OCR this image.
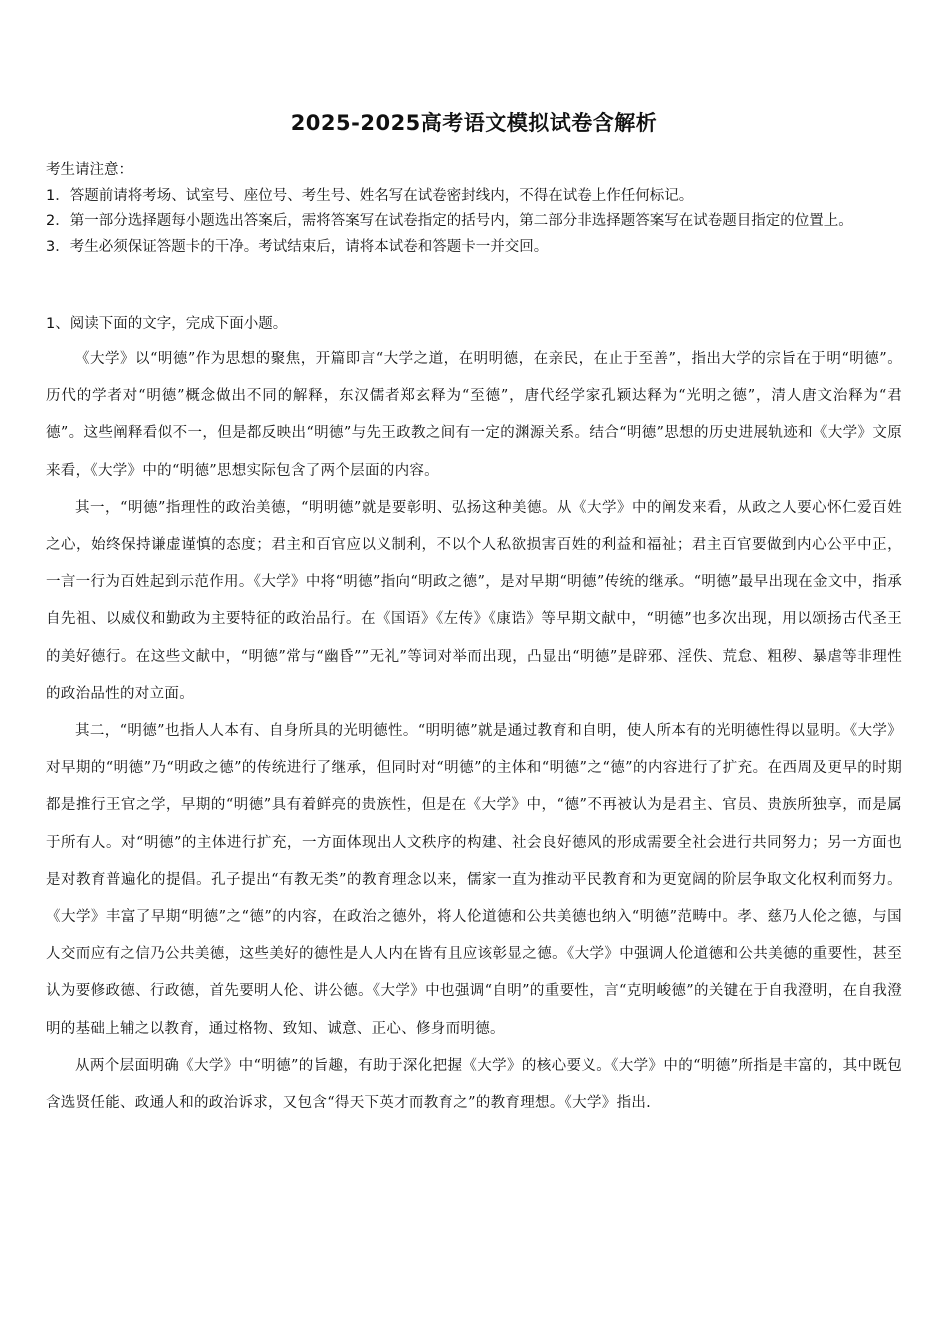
2025-2025高考语文模拟试卷含解析

考生请注意：

1．答题前请将考场、试室号、座位号、考生号、姓名写在试卷密封线内，不得在试卷上作任何标记。

2．第一部分选择题每小题选出答案后，需将答案写在试卷指定的括号内，第二部分非选择题答案写在试卷题目指定的位置上。

3．考生必须保证答题卡的干净。考试结束后，请将本试卷和答题卡一并交回。

1、阅读下面的文字，完成下面小题。

《大学》以“明德”作为思想的聚焦，开篇即言“大学之道，在明明德，在亲民，在止于至善”，指出大学的宗旨在于明“明德”。 历代的学者对“明德”概念做出不同的解释，东汉儒者郑玄释为“至德”，唐代经学家孔颖达释为“光明之德”，清人唐文治释为“君德”。这些阐释看似不一，但是都反映出“明德”与先王政教之间有一定的渊源关系。结合“明德”思想的历史进展轨迹和《大学》文原来看，《大学》中的“明德”思想实际包含了两个层面的内容。

其一，“明德”指理性的政治美德，“明明德”就是要彰明、弘扬这种美德。从《大学》中的阐发来看，从政之人要心怀仁爱百姓之心，始终保持谦虚谨慎的态度；君主和百官应以义制利，不以个人私欲损害百姓的利益和福祉；君主百官要做到内心公平中正，一言一行为百姓起到示范作用。《大学》中将“明德”指向“明政之德”，是对早期“明德”传统的继承。“明德”最早出现在金文中，指承自先祖、以威仪和勤政为主要特征的政治品行。在《国语》《左传》《康诰》等早期文献中，“明德”也多次出现，用以颂扬古代圣王的美好德行。在这些文献中，“明德”常与“幽昏””无礼”等词对举而出现，凸显出“明德”是辟邪、淫佚、荒怠、粗秽、暴虐等非理性的政治品性的对立面。

其二，“明德”也指人人本有、自身所具的光明德性。“明明德”就是通过教育和自明，使人所本有的光明德性得以显明。《大学》对早期的“明德”乃“明政之德”的传统进行了继承，但同时对“明德”的主体和“明德”之“德”的内容进行了扩充。在西周及更早的时期都是推行王官之学，早期的“明德”具有着鲜亮的贵族性，但是在《大学》中，“德”不再被认为是君主、官员、贵族所独享，而是属于所有人。对“明德”的主体进行扩充，一方面体现出人文秩序的构建、社会良好德风的形成需要全社会进行共同努力；另一方面也是对教育普遍化的提倡。孔子提出“有教无类”的教育理念以来，儒家一直为推动平民教育和为更宽阔的阶层争取文化权利而努力。《大学》丰富了早期“明德”之“德”的内容，在政治之德外，将人伦道德和公共美德也纳入“明德”范畴中。孝、慈乃人伦之德，与国人交而应有之信乃公共美德，这些美好的德性是人人内在皆有且应该彰显之德。《大学》中强调人伦道德和公共美德的重要性，甚至认为要修政德、行政德，首先要明人伦、讲公德。《大学》中也强调“自明”的重要性，言“克明峻德”的关键在于自我澄明，在自我澄明的基础上辅之以教育，通过格物、致知、诚意、正心、修身而明德。

从两个层面明确《大学》中“明德”的旨趣，有助于深化把握《大学》的核心要义。《大学》中的“明德”所指是丰富的，其中既包含选贤任能、政通人和的政治诉求，又包含“得天下英才而教育之”的教育理想。《大学》指出.
